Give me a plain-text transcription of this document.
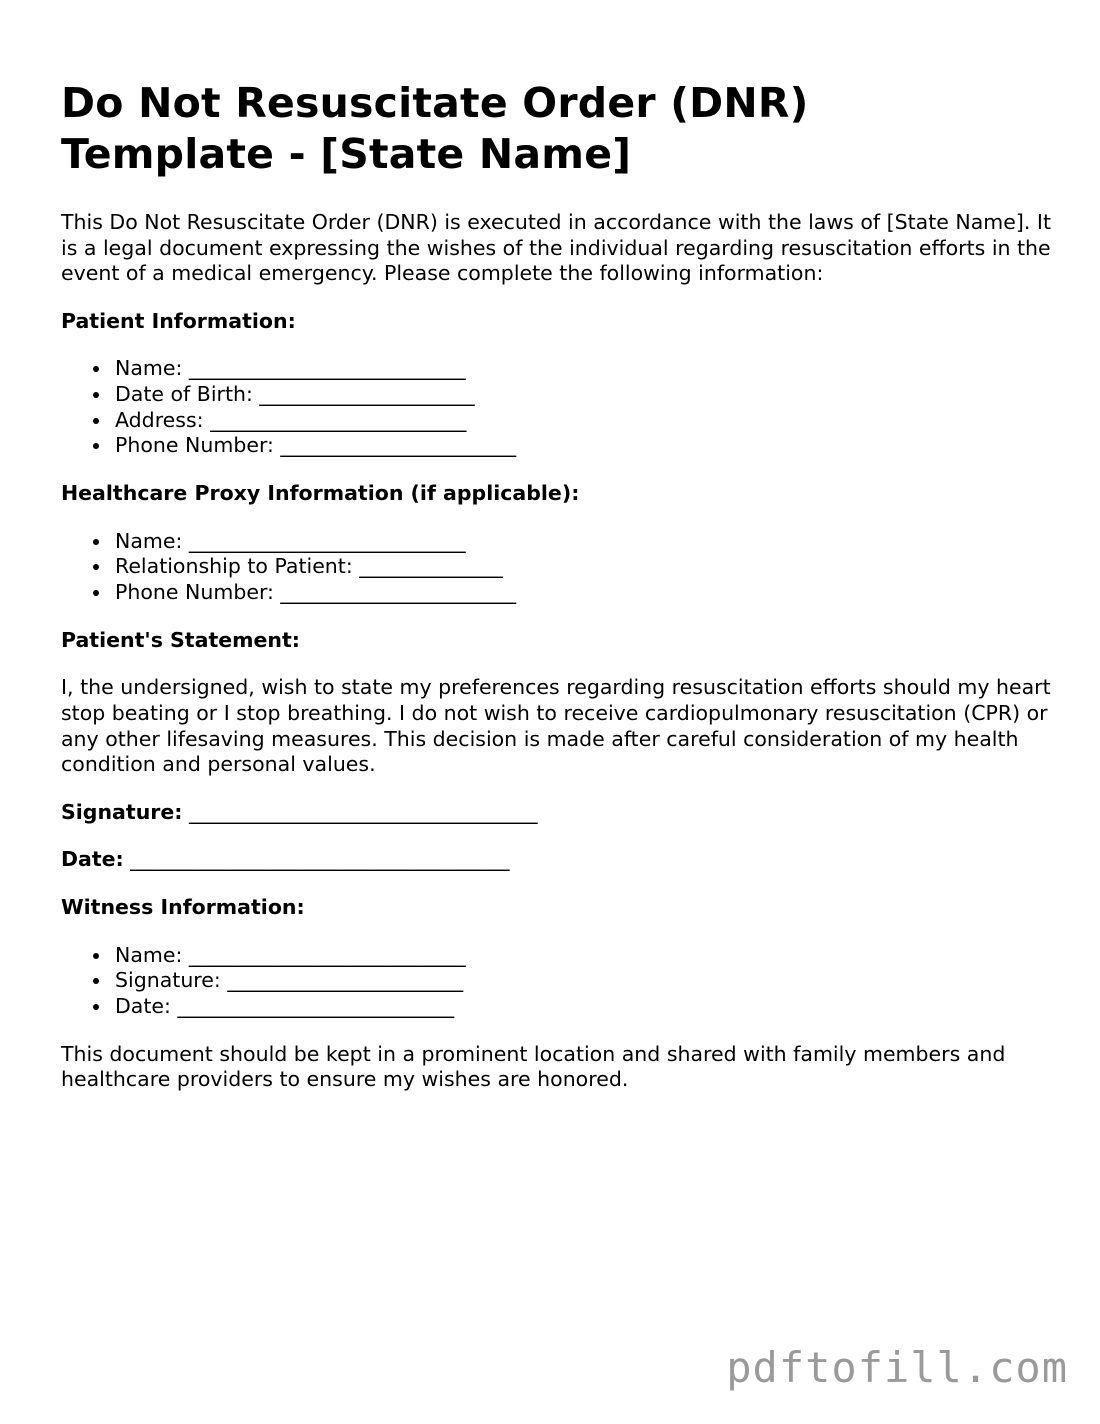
Do Not Resuscitate Order (DNR)
Template - [State Name]

This Do Not Resuscitate Order (DNR) is executed in accordance with the laws of [State Name]. It is a legal document expressing the wishes of the individual regarding resuscitation efforts in the event of a medical emergency. Please complete the following information:

Patient Information:
Name: ___________________________
Date of Birth: _____________________
Address: _________________________
Phone Number: _______________________
Healthcare Proxy Information (if applicable):
Name: ___________________________
Relationship to Patient: ______________
Phone Number: _______________________
Patient's Statement:

I, the undersigned, wish to state my preferences regarding resuscitation efforts should my heart stop beating or I stop breathing. I do not wish to receive cardiopulmonary resuscitation (CPR) or any other lifesaving measures. This decision is made after careful consideration of my health condition and personal values.

Signature: __________________________________

Date: _____________________________________

Witness Information:
Name: ___________________________
Signature: _______________________
Date: ___________________________

This document should be kept in a prominent location and shared with family members and healthcare providers to ensure my wishes are honored.

pdftofill.com
